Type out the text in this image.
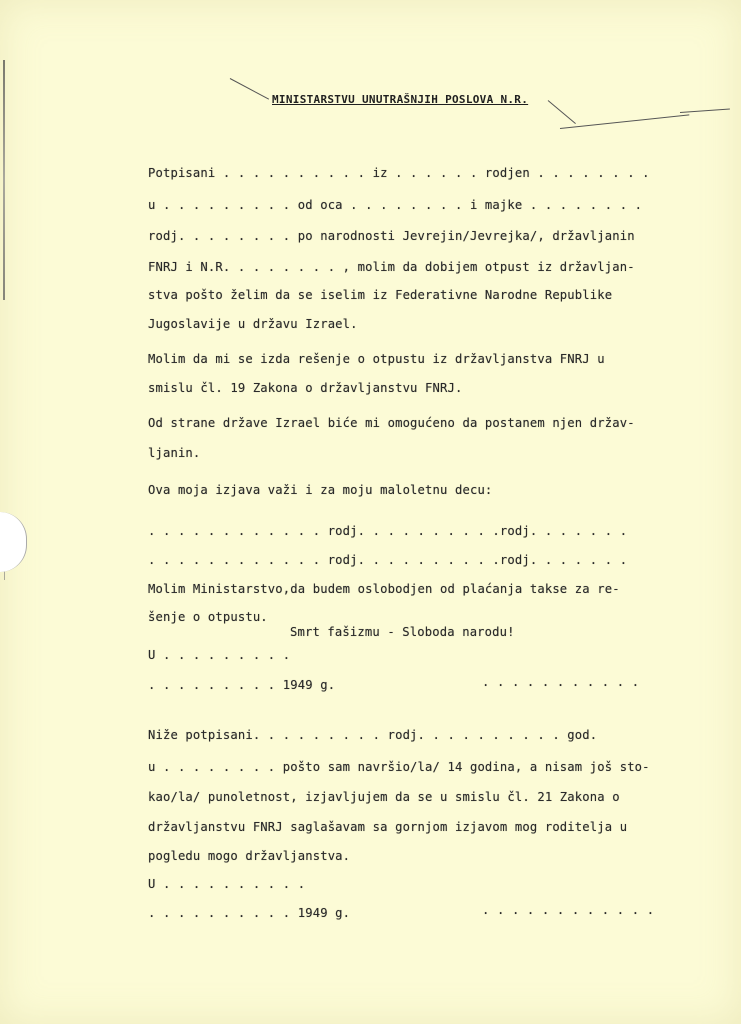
MINISTARSTVU UNUTRAŠNJIH POSLOVA N.R.
Potpisani . . . . . . . . . . iz . . . . . . rodjen . . . . . . . .
u . . . . . . . . . od oca . . . . . . . . i majke . . . . . . . .
rodj. . . . . . . . po narodnosti Jevrejin/Jevrejka/, državljanin
FNRJ i N.R. . . . . . . . , molim da dobijem otpust iz državljan-
stva pošto želim da se iselim iz Federativne Narodne Republike
Jugoslavije u državu Izrael.
Molim da mi se izda rešenje o otpustu iz državljanstva FNRJ u
smislu čl. 19 Zakona o državljanstvu FNRJ.
Od strane države Izrael biće mi omogućeno da postanem njen držav-
ljanin.
Ova moja izjava važi i za moju maloletnu decu:
. . . . . . . . . . . . rodj. . . . . . . . . .rodj. . . . . . .
. . . . . . . . . . . . rodj. . . . . . . . . .rodj. . . . . . .
Molim Ministarstvo,da budem oslobodjen od plaćanja takse za re-
šenje o otpustu.
Smrt fašizmu - Sloboda narodu!
U . . . . . . . . .
. . . . . . . . . 1949 g.	. . . . . . . . . . .
Niže potpisani. . . . . . . . . rodj. . . . . . . . . . god.
u . . . . . . . . pošto sam navršio/la/ 14 godina, a nisam još sto-
kao/la/ punoletnost, izjavljujem da se u smislu čl. 21 Zakona o
državljanstvu FNRJ saglašavam sa gornjom izjavom mog roditelja u
pogledu mogo državljanstva.
U . . . . . . . . . .
. . . . . . . . . . 1949 g.	. . . . . . . . . . . .
